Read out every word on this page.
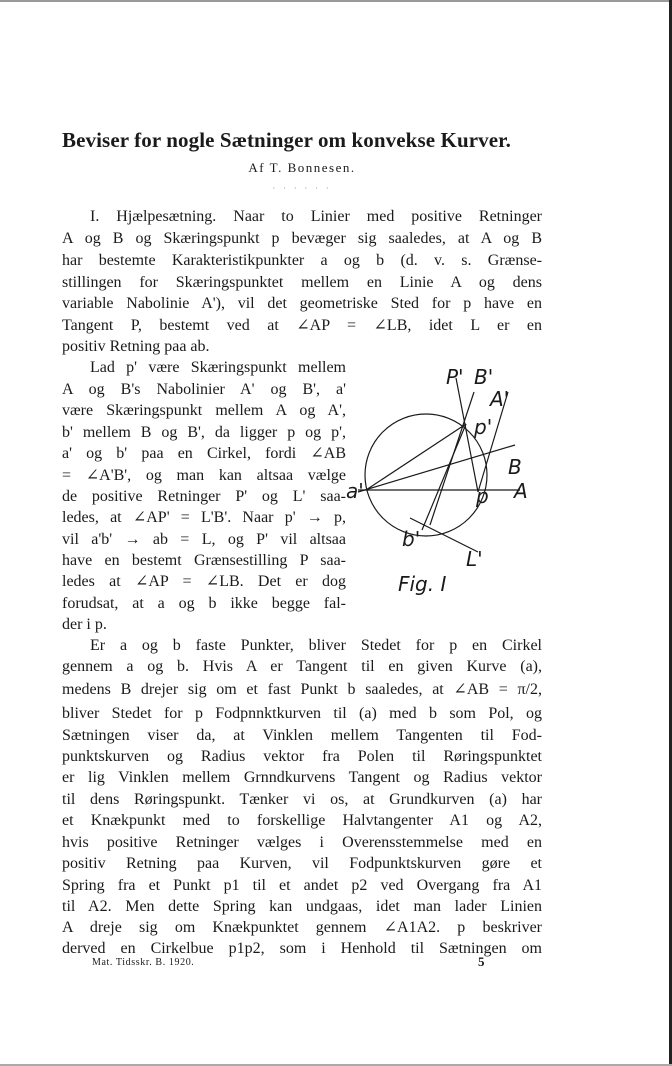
Beviser for nogle Sætninger om konvekse Kurver.
Af T. Bonnesen.
· · · · · ·
I. Hjælpesætning. Naar to Linier med positive Retninger
A og B og Skæringspunkt p bevæger sig saaledes, at A og B
har bestemte Karakteristikpunkter a og b (d. v. s. Grænse-
stillingen for Skæringspunktet mellem en Linie A og dens
variable Nabolinie A'), vil det geometriske Sted for p have en
Tangent P, bestemt ved at ∠AP = ∠LB, idet L er en
positiv Retning paa ab.
Lad p' være Skæringspunkt mellem
A og B's Nabolinier A' og B', a'
være Skæringspunkt mellem A og A',
b' mellem B og B', da ligger p og p',
a' og b' paa en Cirkel, fordi ∠AB
= ∠A'B', og man kan altsaa vælge
de positive Retninger P' og L' saa-
ledes, at ∠AP' = L'B'. Naar p' → p,
vil a'b' → ab = L, og P' vil altsaa
have en bestemt Grænsestilling P saa-
ledes at ∠AP = ∠LB. Det er dog
forudsat, at a og b ikke begge fal-
der i p.
Er a og b faste Punkter, bliver Stedet for p en Cirkel
gennem a og b. Hvis A er Tangent til en given Kurve (a),
medens B drejer sig om et fast Punkt b saaledes, at ∠AB = π/2,
bliver Stedet for p Fodpnnktkurven til (a) med b som Pol, og
Sætningen viser da, at Vinklen mellem Tangenten til Fod-
punktskurven og Radius vektor fra Polen til Røringspunktet
er lig Vinklen mellem Grnndkurvens Tangent og Radius vektor
til dens Røringspunkt. Tænker vi os, at Grundkurven (a) har
et Knækpunkt med to forskellige Halvtangenter A1 og A2,
hvis positive Retninger vælges i Overensstemmelse med en
positiv Retning paa Kurven, vil Fodpunktskurven gøre et
Spring fra et Punkt p1 til et andet p2 ved Overgang fra A1
til A2. Men dette Spring kan undgaas, idet man lader Linien
A dreje sig om Knækpunktet gennem ∠A1A2. p beskriver
derved en Cirkelbue p1p2, som i Henhold til Sætningen om
P' B'
A'
p'
B
A
a'	p
b'
L'
Fig. I
Mat. Tidsskr. B. 1920.	5
